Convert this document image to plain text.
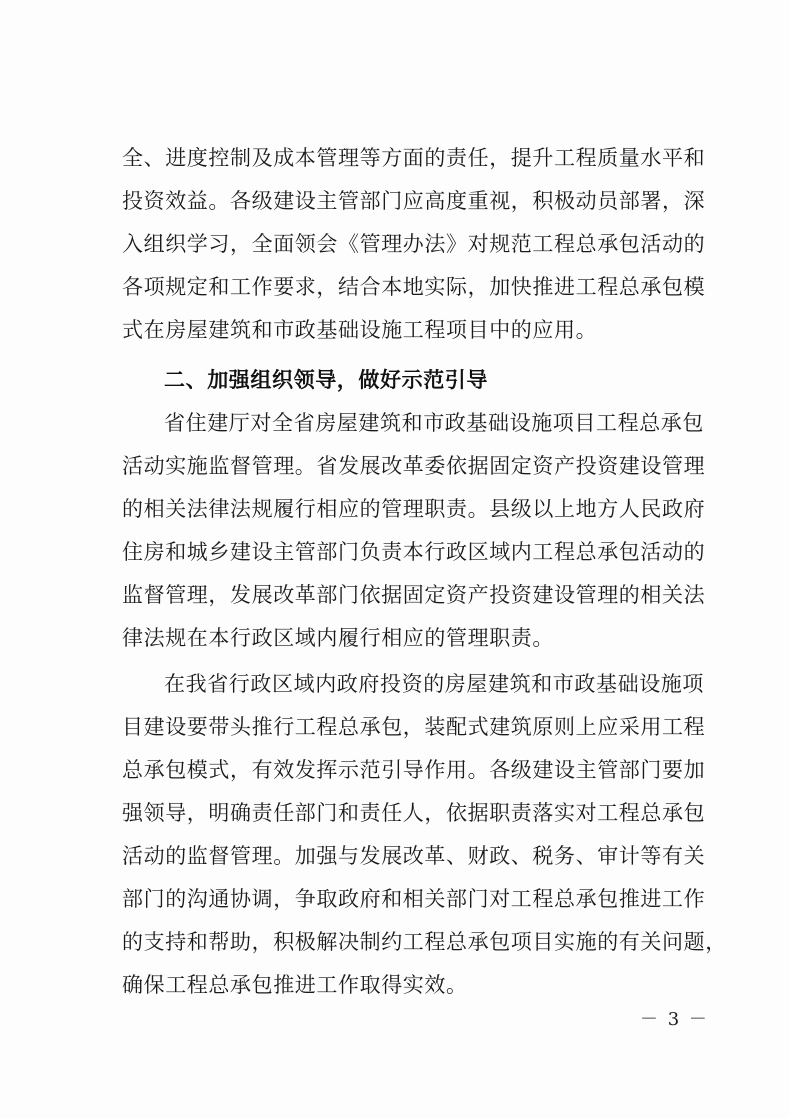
全、进度控制及成本管理等方面的责任，提升工程质量水平和
投资效益。各级建设主管部门应高度重视，积极动员部署，深
入组织学习，全面领会《管理办法》对规范工程总承包活动的
各项规定和工作要求，结合本地实际，加快推进工程总承包模
式在房屋建筑和市政基础设施工程项目中的应用。
二、加强组织领导，做好示范引导
省住建厅对全省房屋建筑和市政基础设施项目工程总承包
活动实施监督管理。省发展改革委依据固定资产投资建设管理
的相关法律法规履行相应的管理职责。县级以上地方人民政府
住房和城乡建设主管部门负责本行政区域内工程总承包活动的
监督管理，发展改革部门依据固定资产投资建设管理的相关法
律法规在本行政区域内履行相应的管理职责。
在我省行政区域内政府投资的房屋建筑和市政基础设施项
目建设要带头推行工程总承包，装配式建筑原则上应采用工程
总承包模式，有效发挥示范引导作用。各级建设主管部门要加
强领导，明确责任部门和责任人，依据职责落实对工程总承包
活动的监督管理。加强与发展改革、财政、税务、审计等有关
部门的沟通协调，争取政府和相关部门对工程总承包推进工作
的支持和帮助，积极解决制约工程总承包项目实施的有关问题，
确保工程总承包推进工作取得实效。
－ 3 －
